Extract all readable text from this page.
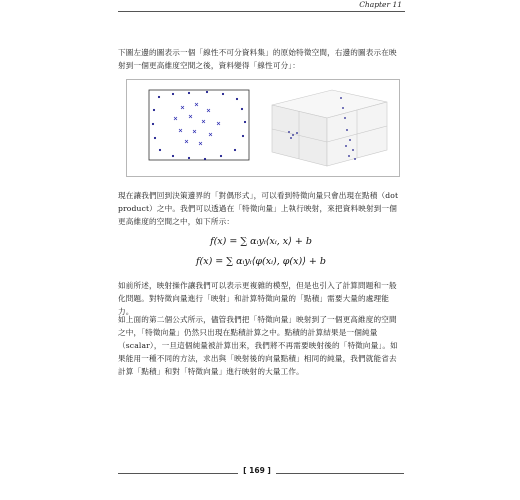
Chapter 11

下圖左邊的圖表示一個「線性不可分資料集」的原始特徵空間，右邊的圖表示在映射到一個更高維度空間之後，資料變得「線性可分」：

現在讓我們回到決策邊界的「對偶形式」，可以看到特徵向量只會出現在點積（dot product）之中。我們可以透過在「特徵向量」上執行映射，來把資料映射到一個更高維度的空間之中，如下所示：

f(x) = ∑ αᵢyᵢ⟨xᵢ, x⟩ + b
f(x) = ∑ αᵢyᵢ⟨φ(xᵢ), φ(x)⟩ + b

如前所述，映射操作讓我們可以表示更複雜的模型，但是也引入了計算問題和一般化問題。對特徵向量進行「映射」和計算特徵向量的「點積」需要大量的處理能力。

如上面的第二個公式所示，儘管我們把「特徵向量」映射到了一個更高維度的空間之中，「特徵向量」仍然只出現在點積計算之中。點積的計算結果是一個純量（scalar），一旦這個純量被計算出來，我們將不再需要映射後的「特徵向量」。如果能用一種不同的方法，求出與「映射後的向量點積」相同的純量，我們就能省去計算「點積」和對「特徵向量」進行映射的大量工作。

[ 169 ]
